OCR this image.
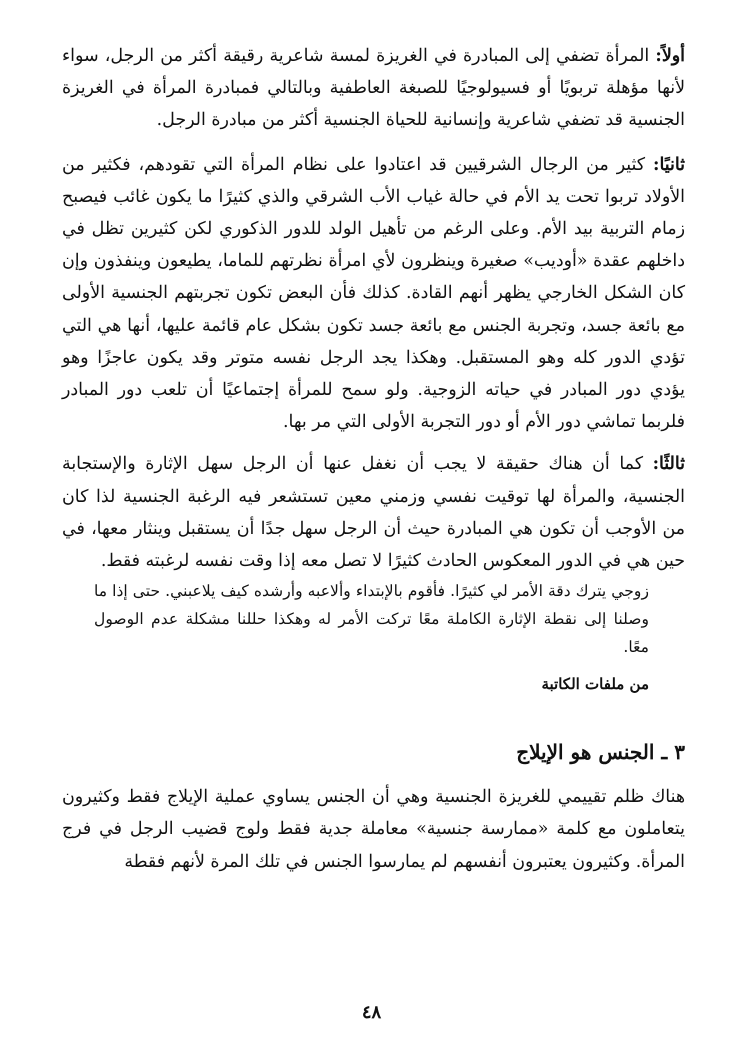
أولاً: المرأة تضفي إلى المبادرة في الغريزة لمسة شاعرية رقيقة أكثر من الرجل، سواء لأنها مؤهلة تربويًا أو فسيولوجيًا للصبغة العاطفية وبالتالي فمبادرة المرأة في الغريزة الجنسية قد تضفي شاعرية وإنسانية للحياة الجنسية أكثر من مبادرة الرجل.

ثانيًا: كثير من الرجال الشرقيين قد اعتادوا على نظام المرأة التي تقودهم، فكثير من الأولاد تربوا تحت يد الأم في حالة غياب الأب الشرقي والذي كثيرًا ما يكون غائب فيصبح زمام التربية بيد الأم. وعلى الرغم من تأهيل الولد للدور الذكوري لكن كثيرين تظل في داخلهم عقدة «أوديب» صغيرة وينظرون لأي امرأة نظرتهم للماما، يطيعون وينفذون وإن كان الشكل الخارجي يظهر أنهم القادة. كذلك فأن البعض تكون تجربتهم الجنسية الأولى مع بائعة جسد، وتجربة الجنس مع بائعة جسد تكون بشكل عام قائمة عليها، أنها هي التي تؤدي الدور كله وهو المستقبل. وهكذا يجد الرجل نفسه متوتر وقد يكون عاجزًا وهو يؤدي دور المبادر في حياته الزوجية. ولو سمح للمرأة إجتماعيًا أن تلعب دور المبادر فلربما تماشي دور الأم أو دور التجربة الأولى التي مر بها.

ثالثًا: كما أن هناك حقيقة لا يجب أن نغفل عنها أن الرجل سهل الإثارة والإستجابة الجنسية، والمرأة لها توقيت نفسي وزمني معين تستشعر فيه الرغبة الجنسية لذا كان من الأوجب أن تكون هي المبادرة حيث أن الرجل سهل جدًا أن يستقبل وينثار معها، في حين هي في الدور المعكوس الحادث كثيرًا لا تصل معه إذا وقت نفسه لرغبته فقط.

زوجي يترك دقة الأمر لي كثيرًا. فأقوم بالإبتداء وألاعبه وأرشده كيف يلاعبني. حتى إذا ما وصلنا إلى نقطة الإثارة الكاملة معًا تركت الأمر له وهكذا حللنا مشكلة عدم الوصول معًا.

من ملفات الكاتبة

٣ ـ الجنس هو الإيلاج

هناك ظلم تقييمي للغريزة الجنسية وهي أن الجنس يساوي عملية الإيلاج فقط وكثيرون يتعاملون مع كلمة «ممارسة جنسية» معاملة جدية فقط ولوج قضيب الرجل في فرج المرأة. وكثيرون يعتبرون أنفسهم لم يمارسوا الجنس في تلك المرة لأنهم فقطة

٤٨
